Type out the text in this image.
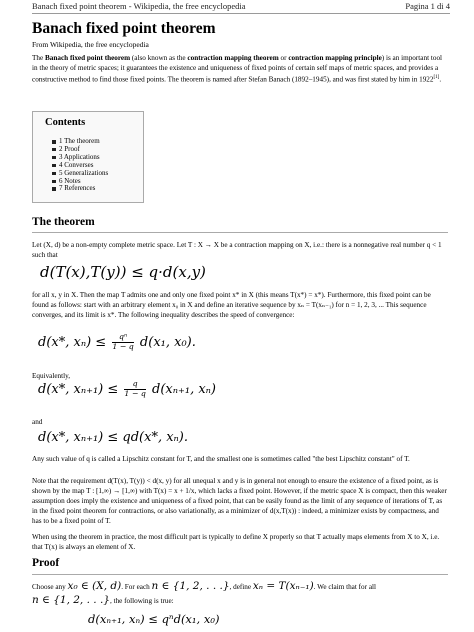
Banach fixed point theorem - Wikipedia, the free encyclopedia	Pagina 1 di 4
Banach fixed point theorem
From Wikipedia, the free encyclopedia

The Banach fixed point theorem (also known as the contraction mapping theorem or contraction mapping principle) is an important tool in the theory of metric spaces; it guarantees the existence and uniqueness of fixed points of certain self maps of metric spaces, and provides a constructive method to find those fixed points. The theorem is named after Stefan Banach (1892–1945), and was first stated by him in 1922[1].

Contents
1 The theorem
2 Proof
3 Applications
4 Converses
5 Generalizations
6 Notes
7 References
The theorem

Let (X, d) be a non-empty complete metric space. Let T : X → X be a contraction mapping on X, i.e.: there is a nonnegative real number q < 1 such that

d(T(x),T(y)) ≤ q·d(x,y)

for all x, y in X. Then the map T admits one and only one fixed point x* in X (this means T(x*) = x*). Furthermore, this fixed point can be found as follows: start with an arbitrary element x₀ in X and define an iterative sequence by xₙ = T(xₙ₋₁) for n = 1, 2, 3, ... This sequence converges, and its limit is x*. The following inequality describes the speed of convergence:

d(x*, $x_n) \le \frac{\text{qⁿ}}{1 - q} d(x_1$, x₀).
Equivalently,
d(x*, $x_{n+1}) \le \frac{q}{1 - q} d(x_{n+1}$, xₙ)
and
d(x*, xₙ₊₁) ≤ qd(x*, xₙ).

Any such value of q is called a Lipschitz constant for T, and the smallest one is sometimes called "the best Lipschitz constant" of T.

Note that the requirement d(T(x), T(y)) < d(x, y) for all unequal x and y is in general not enough to ensure the existence of a fixed point, as is shown by the map T : [1,∞) → [1,∞) with T(x) = x + 1/x, which lacks a fixed point. However, if the metric space X is compact, then this weaker assumption does imply the existence and uniqueness of a fixed point, that can be easily found as the limit of any sequence of iterations of T, as in the fixed point theorem for contractions, or also variationally, as a minimizer of d(x,T(x)) : indeed, a minimizer exists by compactness, and has to be a fixed point of T.

When using the theorem in practice, the most difficult part is typically to define X properly so that T actually maps elements from X to X, i.e. that T(x) is always an element of X.

Proof

Choose any x₀ ∈ (X, d). For each n ∈ {1, 2, . . .}, define xₙ = T(xₙ₋₁). We claim that for all n ∈ {1, 2, . . .}, the following is true:

d(xₙ₊₁, xₙ) ≤ qⁿd(x₁, x₀)
